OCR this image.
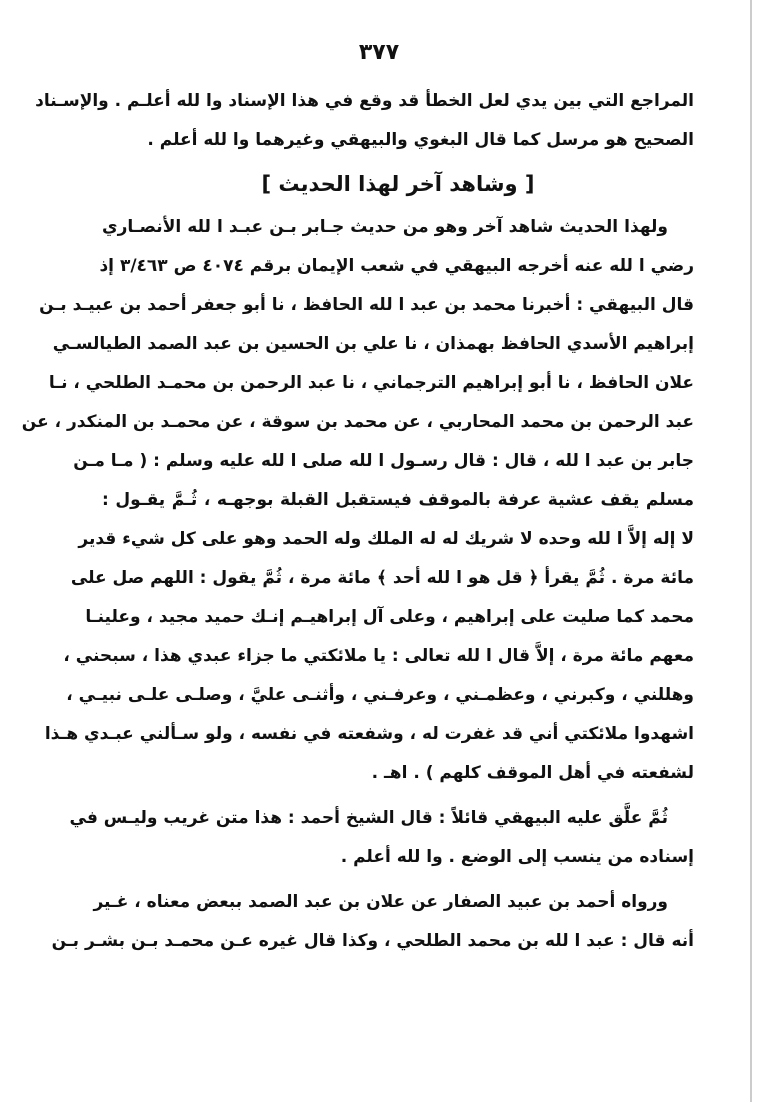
٣٧٧
المراجع التي بين يدي لعل الخطأ قد وقع في هذا الإسناد وا لله أعلـم . والإسـناد
الصحيح هو مرسل كما قال البغوي والبيهقي وغيرهما وا لله أعلم .
[ وشاهد آخر لهذا الحديث ]
ولهذا الحديث شاهد آخر وهو من حديث جـابر بـن عبـد ا لله الأنصـاري
رضي ا لله عنه أخرجه البيهقي في شعب الإيمان برقم ٤٠٧٤ ص ٣/٤٦٣ إذ
قال البيهقي : أخبرنا محمد بن عبد ا لله الحافظ ، نا أبو جعفر أحمد بن عبيـد بـن
إبراهيم الأسدي الحافظ بهمذان ، نا علي بن الحسين بن عبد الصمد الطيالسـي
علان الحافظ ، نا أبو إبراهيم الترجماني ، نا عبد الرحمن بن محمـد الطلحي ، نـا
عبد الرحمن بن محمد المحاربي ، عن محمد بن سوقة ، عن محمـد بن المنكدر ، عن
جابر بن عبد ا لله ، قال : قال رسـول ا لله صلى ا لله عليه وسلم : ( مـا مـن
مسلم يقف عشية عرفة بالموقف فيستقبل القبلة بوجهـه ، ثُـمَّ يقـول :
لا إله إلاَّ ا لله وحده لا شريك له له الملك وله الحمد وهو على كل شيء قدير
مائة مرة . ثُمَّ يقرأ ﴿ قل هو ا لله أحد ﴾ مائة مرة ، ثُمَّ يقول : اللهم صل على
محمد كما صليت على إبراهيم ، وعلى آل إبراهيـم إنـك حميد مجيد ، وعلينـا
معهم مائة مرة ، إلاَّ قال ا لله تعالى : يا ملائكتي ما جزاء عبدي هذا ، سبحني ،
وهللني ، وكبرني ، وعظمـني ، وعرفـني ، وأثنـى عليَّ ، وصلـى علـى نبيـي ،
اشهدوا ملائكتي أني قد غفرت له ، وشفعته في نفسه ، ولو سـألني عبـدي هـذا
لشفعته في أهل الموقف كلهم ) . اهـ .
ثُمَّ علَّق عليه البيهقي قائلاً : قال الشيخ أحمد : هذا متن غريب وليـس في
إسناده من ينسب إلى الوضع . وا لله أعلم .
ورواه أحمد بن عبيد الصفار عن علان بن عبد الصمد ببعض معناه ، غـير
أنه قال : عبد ا لله بن محمد الطلحي ، وكذا قال غيره عـن محمـد بـن بشـر بـن
